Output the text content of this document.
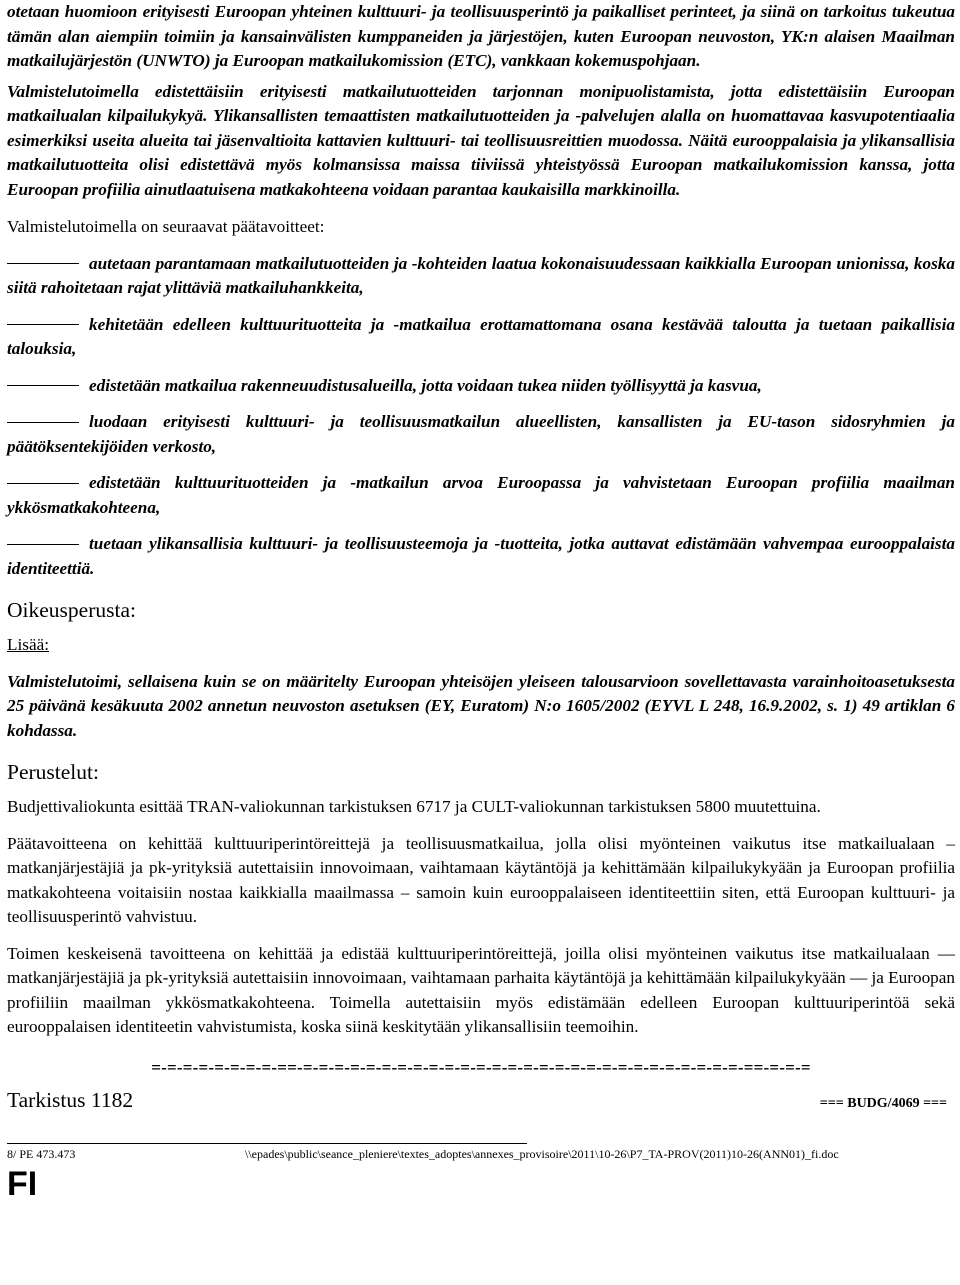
otetaan huomioon erityisesti Euroopan yhteinen kulttuuri- ja teollisuusperintö ja paikalliset perinteet, ja siinä on tarkoitus tukeutua tämän alan aiempiin toimiin ja kansainvälisten kumppaneiden ja järjestöjen, kuten Euroopan neuvoston, YK:n alaisen Maailman matkailujärjestön (UNWTO) ja Euroopan matkailukomission (ETC), vankkaan kokemuspohjaan.

Valmistelutoimella edistettäisiin erityisesti matkailutuotteiden tarjonnan monipuolistamista, jotta edistettäisiin Euroopan matkailualan kilpailukykyä. Ylikansallisten temaattisten matkailutuotteiden ja -palvelujen alalla on huomattavaa kasvupotentiaalia esimerkiksi useita alueita tai jäsenvaltioita kattavien kulttuuri- tai teollisuusreittien muodossa. Näitä eurooppalaisia ja ylikansallisia matkailutuotteita olisi edistettävä myös kolmansissa maissa tiiviissä yhteistyössä Euroopan matkailukomission kanssa, jotta Euroopan profiilia ainutlaatuisena matkakohteena voidaan parantaa kaukaisilla markkinoilla.

Valmistelutoimella on seuraavat päätavoitteet:

autetaan parantamaan matkailutuotteiden ja -kohteiden laatua kokonaisuudessaan kaikkialla Euroopan unionissa, koska siitä rahoitetaan rajat ylittäviä matkailuhankkeita,

kehitetään edelleen kulttuurituotteita ja -matkailua erottamattomana osana kestävää taloutta ja tuetaan paikallisia talouksia,

edistetään matkailua rakenneuudistusalueilla, jotta voidaan tukea niiden työllisyyttä ja kasvua,

luodaan erityisesti kulttuuri- ja teollisuusmatkailun alueellisten, kansallisten ja EU-tason sidosryhmien ja päätöksentekijöiden verkosto,

edistetään kulttuurituotteiden ja -matkailun arvoa Euroopassa ja vahvistetaan Euroopan profiilia maailman ykkösmatkakohteena,

tuetaan ylikansallisia kulttuuri- ja teollisuusteemoja ja -tuotteita, jotka auttavat edistämään vahvempaa eurooppalaista identiteettiä.

Oikeusperusta:

Lisää:

Valmistelutoimi, sellaisena kuin se on määritelty Euroopan yhteisöjen yleiseen talousarvioon sovellettavasta varainhoitoasetuksesta 25 päivänä kesäkuuta 2002 annetun neuvoston asetuksen (EY, Euratom) N:o 1605/2002 (EYVL L 248, 16.9.2002, s. 1) 49 artiklan 6 kohdassa.

Perustelut:

Budjettivaliokunta esittää TRAN-valiokunnan tarkistuksen 6717 ja CULT-valiokunnan tarkistuksen 5800 muutettuina.

Päätavoitteena on kehittää kulttuuriperintöreittejä ja teollisuusmatkailua, jolla olisi myönteinen vaikutus itse matkailualaan – matkanjärjestäjiä ja pk-yrityksiä autettaisiin innovoimaan, vaihtamaan käytäntöjä ja kehittämään kilpailukykyään ja Euroopan profiilia matkakohteena voitaisiin nostaa kaikkialla maailmassa – samoin kuin eurooppalaiseen identiteettiin siten, että Euroopan kulttuuri- ja teollisuusperintö vahvistuu.

Toimen keskeisenä tavoitteena on kehittää ja edistää kulttuuriperintöreittejä, joilla olisi myönteinen vaikutus itse matkailualaan — matkanjärjestäjiä ja pk-yrityksiä autettaisiin innovoimaan, vaihtamaan parhaita käytäntöjä ja kehittämään kilpailukykyään — ja Euroopan profiiliin maailman ykkösmatkakohteena. Toimella autettaisiin myös edistämään edelleen Euroopan kulttuuriperintöä sekä eurooppalaisen identiteetin vahvistumista, koska siinä keskitytään ylikansallisiin teemoihin.

=-=-=-=-=-=-=-=-==-=-=-=-=-=-=-=-=-=-=-=-=-=-=-=-=-=-=-=-=-=-=-=-=-=-=-=-=-==-=-=-=

Tarkistus 1182	=== BUDG/4069 ===
8/ PE 473.473	\\epades\public\seance_pleniere\textes_adoptes\annexes_provisoire\2011\10-26\P7_TA-PROV(2011)10-26(ANN01)_fi.doc

FI
